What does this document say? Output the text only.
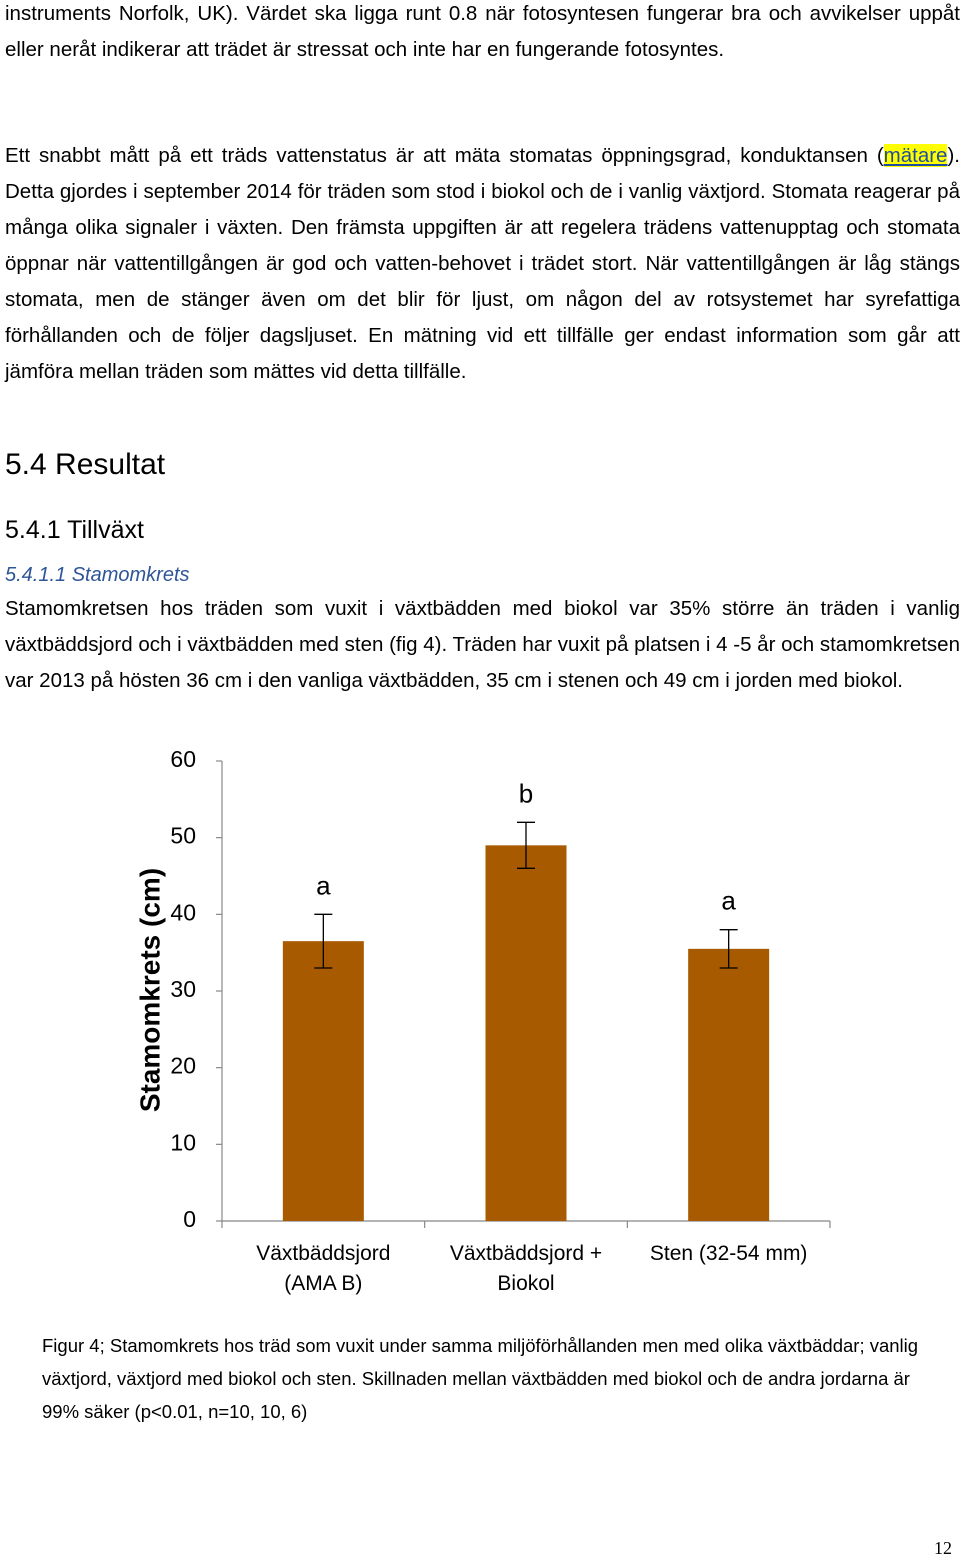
instruments Norfolk, UK). Värdet ska ligga runt 0.8 när fotosyntesen fungerar bra och avvikelser uppåt eller neråt indikerar att trädet är stressat och inte har en fungerande fotosyntes.

Ett snabbt mått på ett träds vattenstatus är att mäta stomatas öppningsgrad, konduktansen (mätare). Detta gjordes i september 2014 för träden som stod i biokol och de i vanlig växtjord. Stomata reagerar på många olika signaler i växten. Den främsta uppgiften är att regelera trädens vattenupptag och stomata öppnar när vattentillgången är god och vatten-behovet i trädet stort. När vattentillgången är låg stängs stomata, men de stänger även om det blir för ljust, om någon del av rotsystemet har syrefattiga förhållanden och de följer dagsljuset. En mätning vid ett tillfälle ger endast information som går att jämföra mellan träden som mättes vid detta tillfälle.

5.4 Resultat
5.4.1 Tillväxt
5.4.1.1 Stamomkrets

Stamomkretsen hos träden som vuxit i växtbädden med biokol var 35% större än träden i vanlig växtbäddsjord och i växtbädden med sten (fig 4). Träden har vuxit på platsen i 4 -5 år och stamomkretsen var 2013 på hösten 36 cm i den vanliga växtbädden, 35 cm i stenen och 49 cm i jorden med biokol.

Stamomkrets (cm)
0
10
20
30
40
50
60
a
b
a
Växtbäddsjord (AMA B)
Växtbäddsjord + Biokol
Sten (32-54 mm)

Figur 4; Stamomkrets hos träd som vuxit under samma miljöförhållanden men med olika växtbäddar; vanlig växtjord, växtjord med biokol och sten. Skillnaden mellan växtbädden med biokol och de andra jordarna är 99% säker (p<0.01, n=10, 10, 6)

12
